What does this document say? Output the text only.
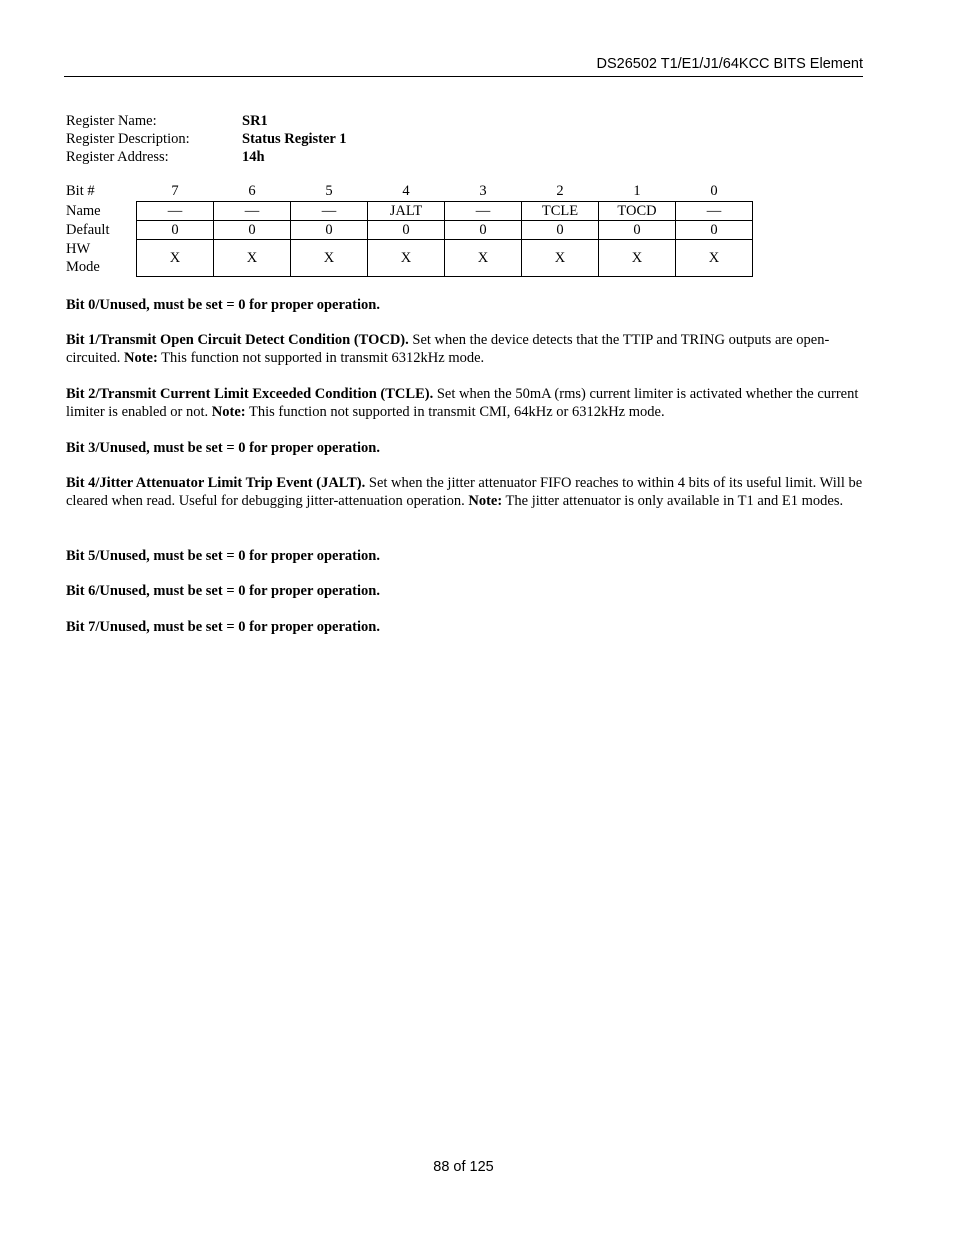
DS26502 T1/E1/J1/64KCC BITS Element
Register Name:	SR1
Register Description:	Status Register 1
Register Address:	14h
Bit #	7	6	5	4	3	2	1	0
Name	—	—	—	JALT	—	TCLE	TOCD	—
Default	0	0	0	0	0	0	0	0
HW
Mode	X	X	X	X	X	X	X	X
Bit 0/Unused, must be set = 0 for proper operation.
Bit 1/Transmit Open Circuit Detect Condition (TOCD). Set when the device detects that the TTIP and TRING outputs are open-circuited. Note: This function not supported in transmit 6312kHz mode.
Bit 2/Transmit Current Limit Exceeded Condition (TCLE). Set when the 50mA (rms) current limiter is activated whether the current limiter is enabled or not. Note: This function not supported in transmit CMI, 64kHz or 6312kHz mode.
Bit 3/Unused, must be set = 0 for proper operation.
Bit 4/Jitter Attenuator Limit Trip Event (JALT). Set when the jitter attenuator FIFO reaches to within 4 bits of its useful limit. Will be cleared when read. Useful for debugging jitter-attenuation operation. Note: The jitter attenuator is only available in T1 and E1 modes.
Bit 5/Unused, must be set = 0 for proper operation.
Bit 6/Unused, must be set = 0 for proper operation.
Bit 7/Unused, must be set = 0 for proper operation.
88 of 125
